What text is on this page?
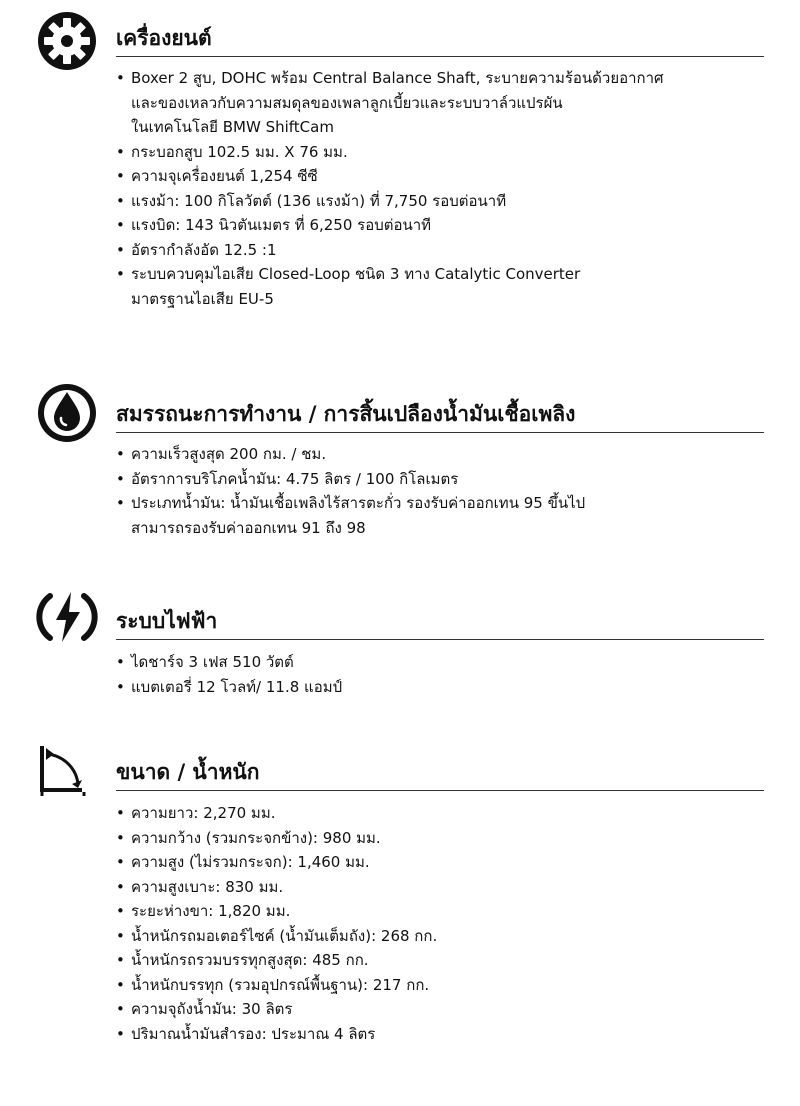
เครื่องยนต์
• Boxer 2 สูบ, DOHC พร้อม Central Balance Shaft, ระบายความร้อนด้วยอากาศ
และของเหลวกับความสมดุลของเพลาลูกเบี้ยวและระบบวาล์วแปรผัน
ในเทคโนโลยี BMW ShiftCam
• กระบอกสูบ 102.5 มม. X 76 มม.
• ความจุเครื่องยนต์ 1,254 ซีซี
• แรงม้า: 100 กิโลวัตต์ (136 แรงม้า) ที่ 7,750 รอบต่อนาที
• แรงบิด: 143 นิวตันเมตร ที่ 6,250 รอบต่อนาที
• อัตรากำลังอัด 12.5 :1
• ระบบควบคุมไอเสีย Closed-Loop ชนิด 3 ทาง Catalytic Converter
มาตรฐานไอเสีย EU-5
สมรรถนะการทำงาน / การสิ้นเปลืองน้ำมันเชื้อเพลิง
• ความเร็วสูงสุด 200 กม. / ชม.
• อัตราการบริโภคน้ำมัน: 4.75 ลิตร / 100 กิโลเมตร
• ประเภทน้ำมัน: น้ำมันเชื้อเพลิงไร้สารตะกั่ว รองรับค่าออกเทน 95 ขึ้นไป
สามารถรองรับค่าออกเทน 91 ถึง 98
ระบบไฟฟ้า
• ไดชาร์จ 3 เฟส 510 วัตต์
• แบตเตอรี่ 12 โวลท์/ 11.8 แอมป์
ขนาด / น้ำหนัก
• ความยาว: 2,270 มม.
• ความกว้าง (รวมกระจกข้าง): 980 มม.
• ความสูง (ไม่รวมกระจก): 1,460 มม.
• ความสูงเบาะ: 830 มม.
• ระยะห่างขา: 1,820 มม.
• น้ำหนักรถมอเตอร์ไซค์ (น้ำมันเต็มถัง): 268 กก.
• น้ำหนักรถรวมบรรทุกสูงสุด: 485 กก.
• น้ำหนักบรรทุก (รวมอุปกรณ์พื้นฐาน): 217 กก.
• ความจุถังน้ำมัน: 30 ลิตร
• ปริมาณน้ำมันสำรอง: ประมาณ 4 ลิตร
